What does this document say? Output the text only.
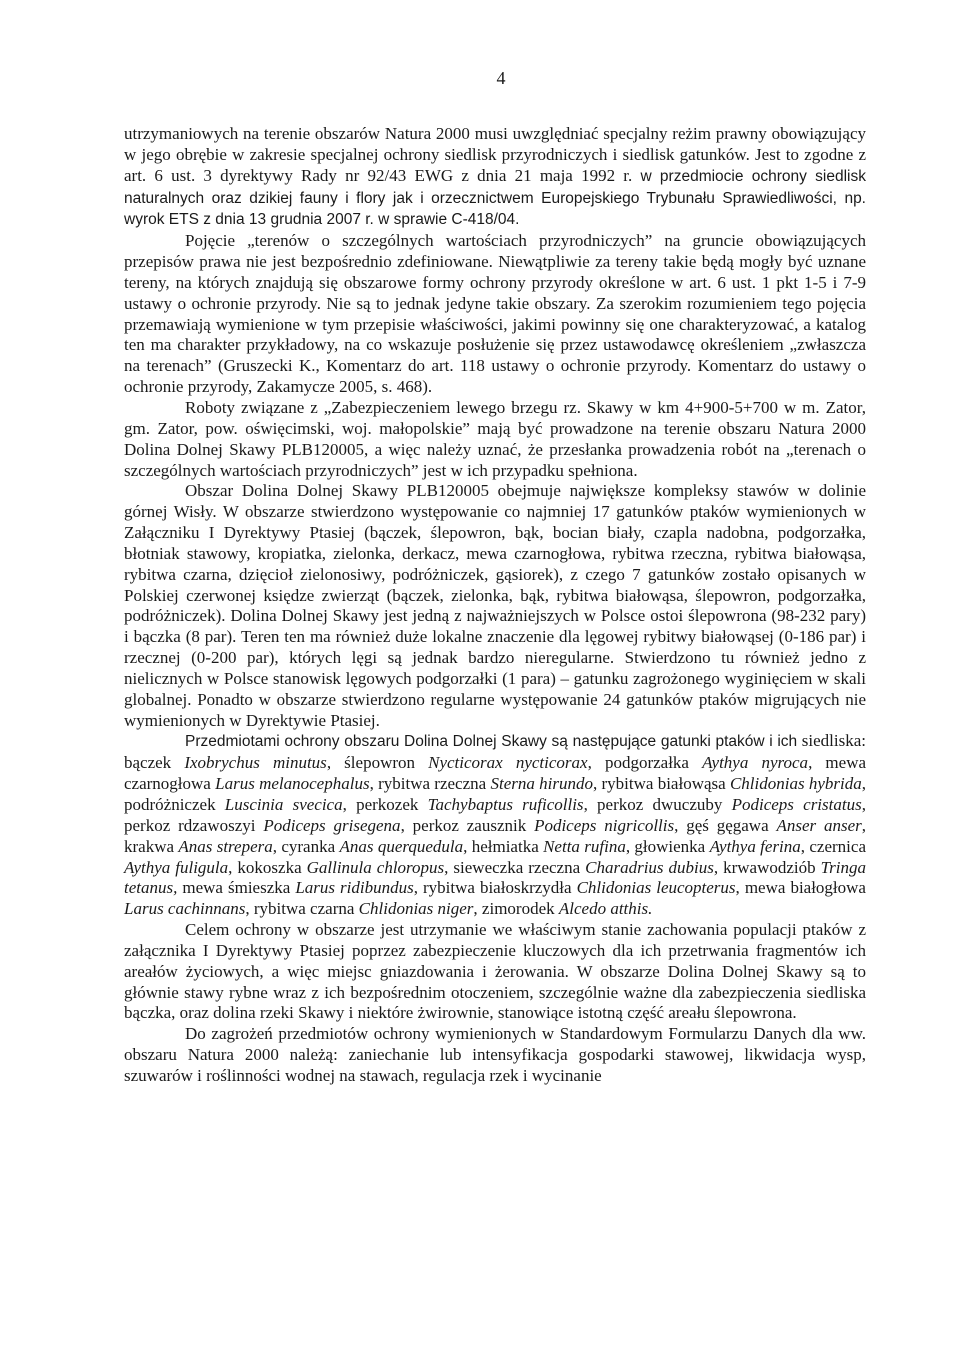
4

utrzymaniowych na terenie obszarów Natura 2000 musi uwzględniać specjalny reżim prawny obowiązujący w jego obrębie w zakresie specjalnej ochrony siedlisk przyrodniczych i siedlisk gatunków. Jest to zgodne z art. 6 ust. 3 dyrektywy Rady nr 92/43 EWG z dnia 21 maja 1992 r. w przedmiocie ochrony siedlisk naturalnych oraz dzikiej fauny i flory jak i orzecznictwem Europejskiego Trybunału Sprawiedliwości, np. wyrok ETS z dnia 13 grudnia 2007 r. w sprawie C-418/04.

Pojęcie „terenów o szczególnych wartościach przyrodniczych” na gruncie obowiązujących przepisów prawa nie jest bezpośrednio zdefiniowane. Niewątpliwie za tereny takie będą mogły być uznane tereny, na których znajdują się obszarowe formy ochrony przyrody określone w art. 6 ust. 1 pkt 1-5 i 7-9 ustawy o ochronie przyrody. Nie są to jednak jedyne takie obszary. Za szerokim rozumieniem tego pojęcia przemawiają wymienione w tym przepisie właściwości, jakimi powinny się one charakteryzować, a katalog ten ma charakter przykładowy, na co wskazuje posłużenie się przez ustawodawcę określeniem „zwłaszcza na terenach” (Gruszecki K., Komentarz do art. 118 ustawy o ochronie przyrody. Komentarz do ustawy o ochronie przyrody, Zakamycze 2005, s. 468).

Roboty związane z „Zabezpieczeniem lewego brzegu rz. Skawy w km 4+900-5+700 w m. Zator, gm. Zator, pow. oświęcimski, woj. małopolskie” mają być prowadzone na terenie obszaru Natura 2000 Dolina Dolnej Skawy PLB120005, a więc należy uznać, że przesłanka prowadzenia robót na „terenach o szczególnych wartościach przyrodniczych” jest w ich przypadku spełniona.

Obszar Dolina Dolnej Skawy PLB120005 obejmuje największe kompleksy stawów w dolinie górnej Wisły. W obszarze stwierdzono występowanie co najmniej 17 gatunków ptaków wymienionych w Załączniku I Dyrektywy Ptasiej (bączek, ślepowron, bąk, bocian biały, czapla nadobna, podgorzałka, błotniak stawowy, kropiatka, zielonka, derkacz, mewa czarnogłowa, rybitwa rzeczna, rybitwa białowąsa, rybitwa czarna, dzięcioł zielonosiwy, podróżniczek, gąsiorek), z czego 7 gatunków zostało opisanych w Polskiej czerwonej księdze zwierząt (bączek, zielonka, bąk, rybitwa białowąsa, ślepowron, podgorzałka, podróżniczek). Dolina Dolnej Skawy jest jedną z najważniejszych w Polsce ostoi ślepowrona (98-232 pary) i bączka (8 par). Teren ten ma również duże lokalne znaczenie dla lęgowej rybitwy białowąsej (0-186 par) i rzecznej (0-200 par), których lęgi są jednak bardzo nieregularne. Stwierdzono tu również jedno z nielicznych w Polsce stanowisk lęgowych podgorzałki (1 para) – gatunku zagrożonego wyginięciem w skali globalnej. Ponadto w obszarze stwierdzono regularne występowanie 24 gatunków ptaków migrujących nie wymienionych w Dyrektywie Ptasiej.

Przedmiotami ochrony obszaru Dolina Dolnej Skawy są następujące gatunki ptaków i ich siedliska: bączek Ixobrychus minutus, ślepowron Nycticorax nycticorax, podgorzałka Aythya nyroca, mewa czarnogłowa Larus melanocephalus, rybitwa rzeczna Sterna hirundo, rybitwa białowąsa Chlidonias hybrida, podróżniczek Luscinia svecica, perkozek Tachybaptus ruficollis, perkoz dwuczuby Podiceps cristatus, perkoz rdzawoszyi Podiceps grisegena, perkoz zausznik Podiceps nigricollis, gęś gęgawa Anser anser, krakwa Anas strepera, cyranka Anas querquedula, hełmiatka Netta rufina, głowienka Aythya ferina, czernica Aythya fuligula, kokoszka Gallinula chloropus, sieweczka rzeczna Charadrius dubius, krwawodziób Tringa tetanus, mewa śmieszka Larus ridibundus, rybitwa białoskrzydła Chlidonias leucopterus, mewa białogłowa Larus cachinnans, rybitwa czarna Chlidonias niger, zimorodek Alcedo atthis.

Celem ochrony w obszarze jest utrzymanie we właściwym stanie zachowania populacji ptaków z załącznika I Dyrektywy Ptasiej poprzez zabezpieczenie kluczowych dla ich przetrwania fragmentów ich areałów życiowych, a więc miejsc gniazdowania i żerowania. W obszarze Dolina Dolnej Skawy są to głównie stawy rybne wraz z ich bezpośrednim otoczeniem, szczególnie ważne dla zabezpieczenia siedliska bączka, oraz dolina rzeki Skawy i niektóre żwirownie, stanowiące istotną część areału ślepowrona.

Do zagrożeń przedmiotów ochrony wymienionych w Standardowym Formularzu Danych dla ww. obszaru Natura 2000 należą: zaniechanie lub intensyfikacja gospodarki stawowej, likwidacja wysp, szuwarów i roślinności wodnej na stawach, regulacja rzek i wycinanie
